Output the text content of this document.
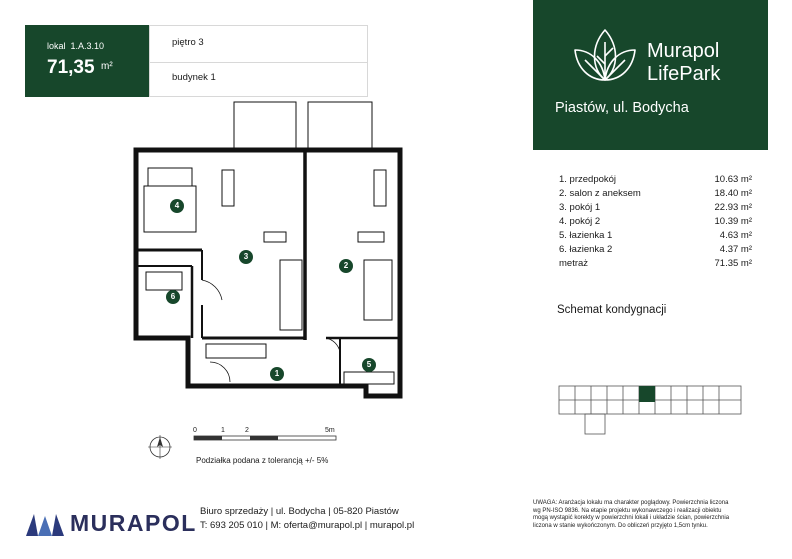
lokal 1.A.3.10
71,35 m²
piętro 3
budynek 1
Murapol
LifePark
Piastów, ul. Bodycha
1. przedpokój	10.63 m²
2. salon z aneksem	18.40 m²
3. pokój 1	22.93 m²
4. pokój 2	10.39 m²
5. łazienka 1	4.63 m²
6. łazienka 2	4.37 m²
metraż	71.35 m²
Schemat kondygnacji
1
2
3
4
5
6
0	1	2	5m
Podziałka podana z tolerancją +/- 5%
MURAPOL Biuro sprzedaży | ul. Bodycha | 05-820 Piastów
T: 693 205 010 | M: oferta@murapol.pl | murapol.pl
UWAGA: Aranżacja lokalu ma charakter poglądowy. Powierzchnia liczona
wg PN-ISO 9836. Na etapie projektu wykonawczego i realizacji obiektu
mogą wystąpić korekty w powierzchni lokali i układzie ścian, powierzchnia
liczona w stanie wykończonym. Do obliczeń przyjęto 1,5cm tynku.
